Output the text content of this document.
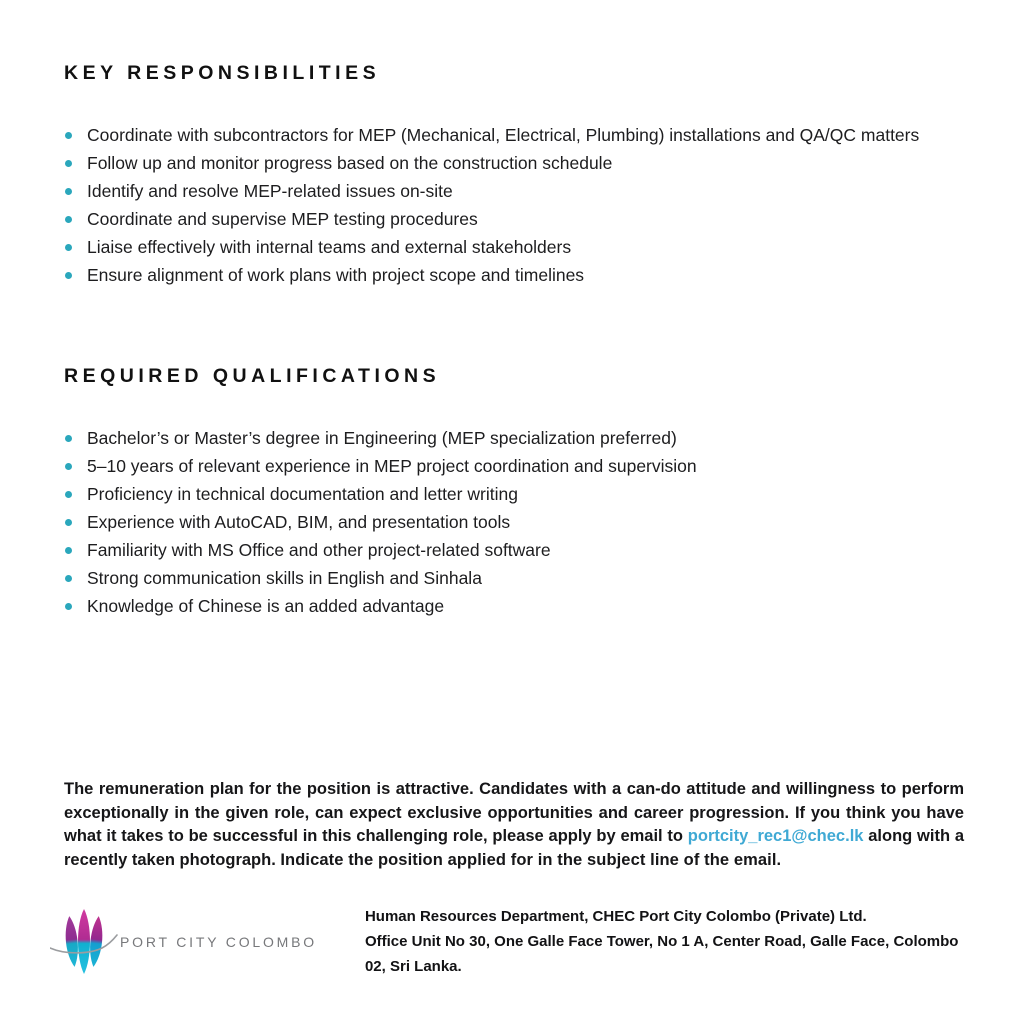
KEY RESPONSIBILITIES
Coordinate with subcontractors for MEP (Mechanical, Electrical, Plumbing) installations and QA/QC matters
Follow up and monitor progress based on the construction schedule
Identify and resolve MEP-related issues on-site
Coordinate and supervise MEP testing procedures
Liaise effectively with internal teams and external stakeholders
Ensure alignment of work plans with project scope and timelines
REQUIRED QUALIFICATIONS
Bachelor’s or Master’s degree in Engineering (MEP specialization preferred)
5–10 years of relevant experience in MEP project coordination and supervision
Proficiency in technical documentation and letter writing
Experience with AutoCAD, BIM, and presentation tools
Familiarity with MS Office and other project-related software
Strong communication skills in English and Sinhala
Knowledge of Chinese is an added advantage

The remuneration plan for the position is attractive. Candidates with a can-do attitude and willingness to perform exceptionally in the given role, can expect exclusive opportunities and career progression. If you think you have what it takes to be successful in this challenging role, please apply by email to portcity_rec1@chec.lk along with a recently taken photograph. Indicate the position applied for in the subject line of the email.

PORT CITY COLOMBO
Human Resources Department, CHEC Port City Colombo (Private) Ltd.
Office Unit No 30, One Galle Face Tower, No 1 A, Center Road, Galle Face, Colombo 02, Sri Lanka.
